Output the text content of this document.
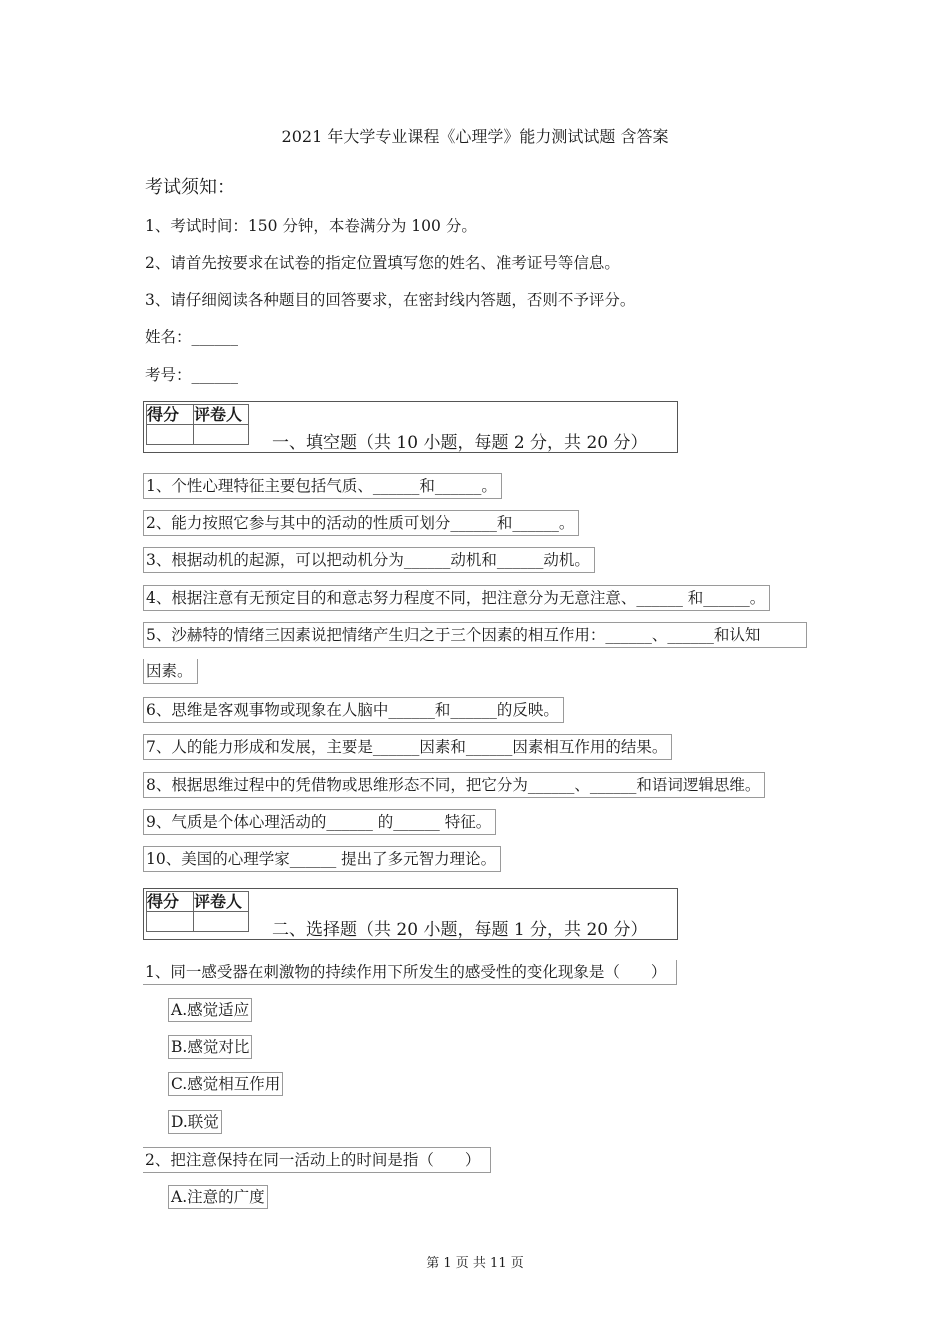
2021 年大学专业课程《心理学》能力测试试题 含答案
考试须知：
1、考试时间：150 分钟，本卷满分为 100 分。
2、请首先按要求在试卷的指定位置填写您的姓名、准考证号等信息。
3、请仔细阅读各种题目的回答要求，在密封线内答题，否则不予评分。
姓名：______
考号：______
得分	评卷人

一、填空题（共 10 小题，每题 2 分，共 20 分）
1、个性心理特征主要包括气质、______和______。
2、能力按照它参与其中的活动的性质可划分______和______。
3、根据动机的起源，可以把动机分为______动机和______动机。
4、根据注意有无预定目的和意志努力程度不同，把注意分为无意注意、______ 和______。
5、沙赫特的情绪三因素说把情绪产生归之于三个因素的相互作用：______、______和认知
因素。
6、思维是客观事物或现象在人脑中______和______的反映。
7、人的能力形成和发展，主要是______因素和______因素相互作用的结果。
8、根据思维过程中的凭借物或思维形态不同，把它分为______、______和语词逻辑思维。
9、气质是个体心理活动的______ 的______ 特征。
10、美国的心理学家______ 提出了多元智力理论。
得分	评卷人

二、选择题（共 20 小题，每题 1 分，共 20 分）
1、同一感受器在刺激物的持续作用下所发生的感受性的变化现象是（　　）
A.感觉适应
B.感觉对比
C.感觉相互作用
D.联觉
2、把注意保持在同一活动上的时间是指（　　）
A.注意的广度
第 1 页 共 11 页
